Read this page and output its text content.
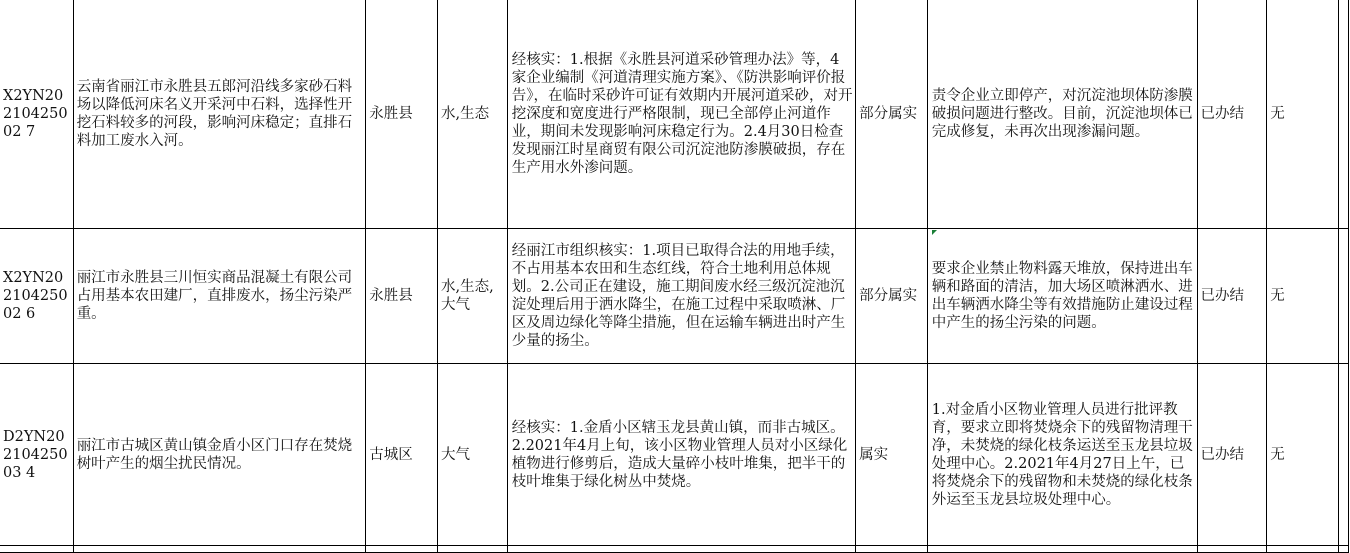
X2YN20210425002 7	云南省丽江市永胜县五郎河沿线多家砂石料场以降低河床名义开采河中石料，选择性开挖石料较多的河段，影响河床稳定；直排石料加工废水入河。	永胜县	水,生态	经核实：1.根据《永胜县河道采砂管理办法》等，4家企业编制《河道清理实施方案》、《防洪影响评价报告》，在临时采砂许可证有效期内开展河道采砂，对开挖深度和宽度进行严格限制，现已全部停止河道作业，期间未发现影响河床稳定行为。2.4月30日检查发现丽江时星商贸有限公司沉淀池防渗膜破损，存在生产用水外渗问题。	部分属实	责令企业立即停产，对沉淀池坝体防渗膜破损问题进行整改。目前，沉淀池坝体已完成修复，未再次出现渗漏问题。	已办结	无	
X2YN20210425002 6	丽江市永胜县三川恒实商品混凝土有限公司占用基本农田建厂，直排废水，扬尘污染严重。	永胜县	水,生态,大气	经丽江市组织核实：1.项目已取得合法的用地手续，不占用基本农田和生态红线，符合土地利用总体规划。2.公司正在建设，施工期间废水经三级沉淀池沉淀处理后用于洒水降尘，在施工过程中采取喷淋、厂区及周边绿化等降尘措施，但在运输车辆进出时产生少量的扬尘。	部分属实	要求企业禁止物料露天堆放，保持进出车辆和路面的清洁，加大场区喷淋洒水、进出车辆洒水降尘等有效措施防止建设过程中产生的扬尘污染的问题。	已办结	无	
D2YN20210425003 4	丽江市古城区黄山镇金盾小区门口存在焚烧树叶产生的烟尘扰民情况。	古城区	大气	经核实：1.金盾小区辖玉龙县黄山镇，而非古城区。2.2021年4月上旬，该小区物业管理人员对小区绿化植物进行修剪后，造成大量碎小枝叶堆集，把半干的枝叶堆集于绿化树丛中焚烧。	属实	1.对金盾小区物业管理人员进行批评教育，要求立即将焚烧余下的残留物清理干净，未焚烧的绿化枝条运送至玉龙县垃圾处理中心。2.2021年4月27日上午，已将焚烧余下的残留物和未焚烧的绿化枝条外运至玉龙县垃圾处理中心。	已办结	无	
